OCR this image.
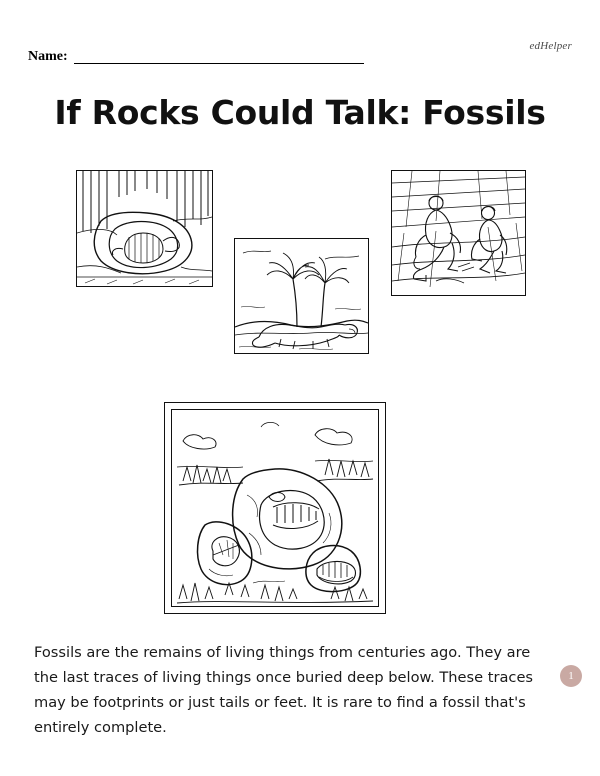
edHelper
Name:
If Rocks Could Talk: Fossils

Fossils are the remains of living things from centuries ago. They are the last traces of living things once buried deep below. These traces may be footprints or just tails or feet. It is rare to find a fossil that's entirely complete.

1
